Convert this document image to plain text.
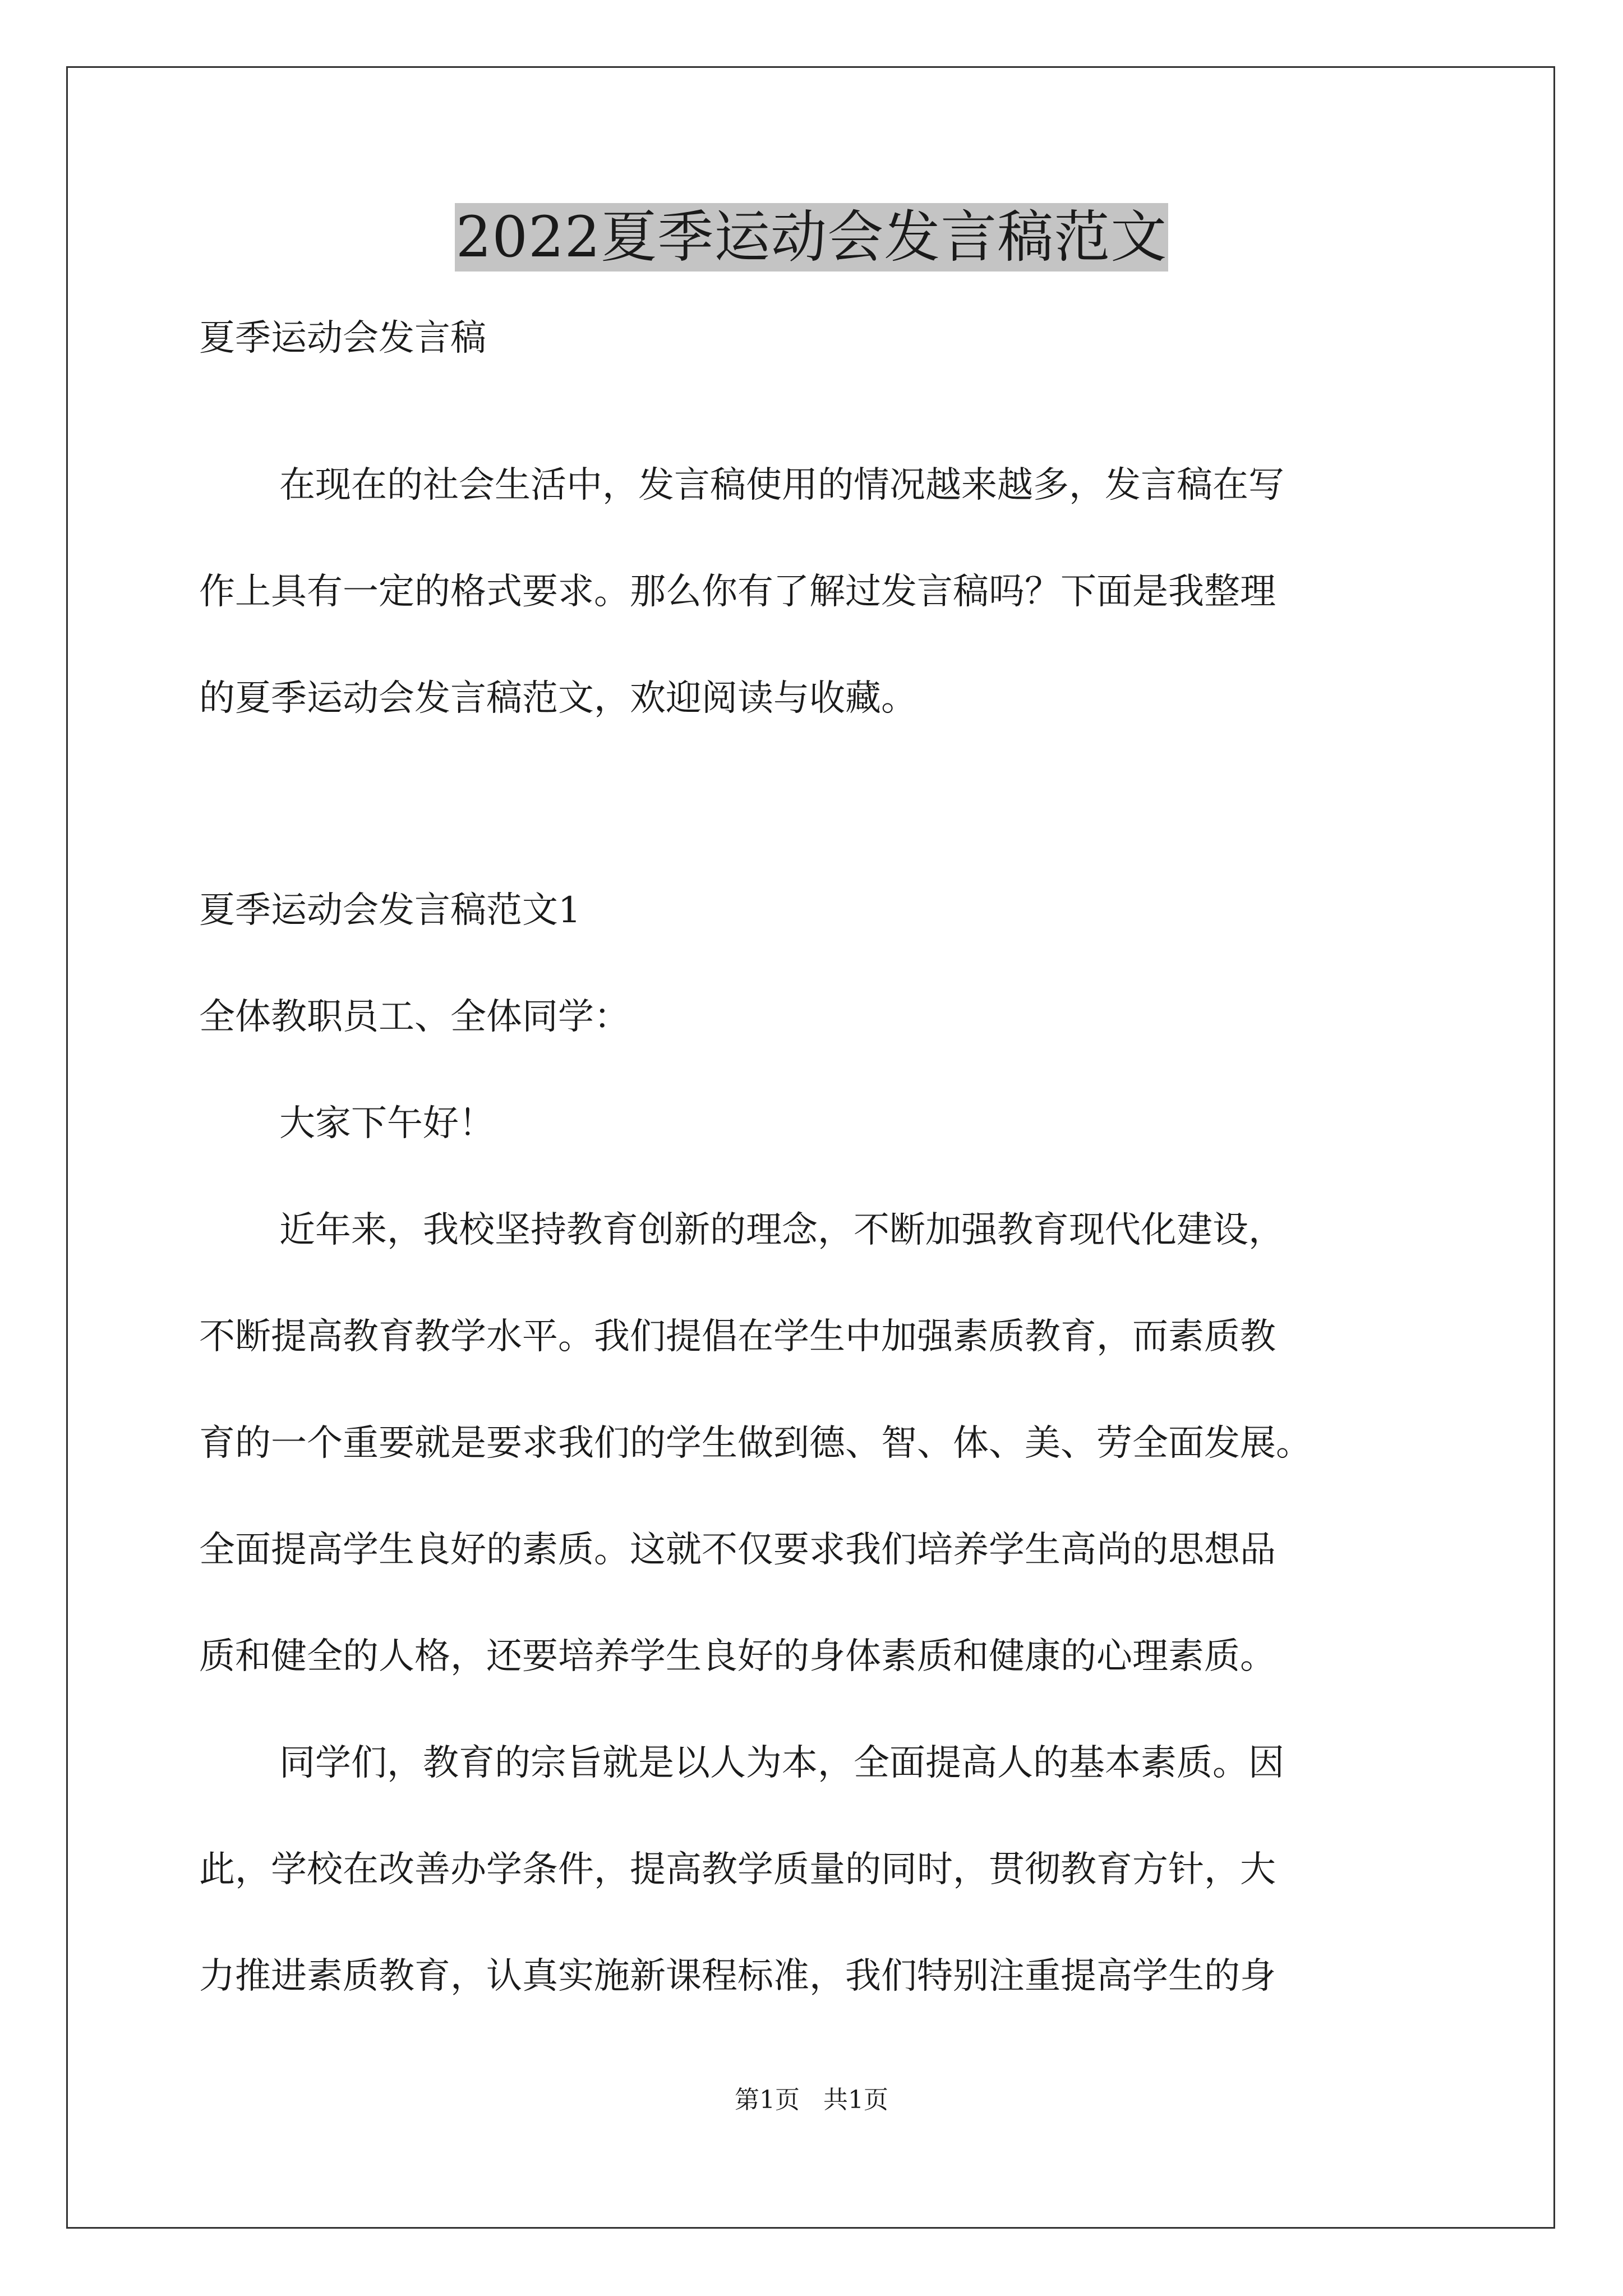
2022夏季运动会发言稿范文
夏季运动会发言稿
在现在的社会生活中，发言稿使用的情况越来越多，发言稿在写
作上具有一定的格式要求。那么你有了解过发言稿吗？下面是我整理
的夏季运动会发言稿范文，欢迎阅读与收藏。
夏季运动会发言稿范文1
全体教职员工、全体同学：
大家下午好！
近年来，我校坚持教育创新的理念，不断加强教育现代化建设，
不断提高教育教学水平。我们提倡在学生中加强素质教育，而素质教
育的一个重要就是要求我们的学生做到德、智、体、美、劳全面发展。
全面提高学生良好的素质。这就不仅要求我们培养学生高尚的思想品
质和健全的人格，还要培养学生良好的身体素质和健康的心理素质。
同学们，教育的宗旨就是以人为本，全面提高人的基本素质。因
此，学校在改善办学条件，提高教学质量的同时，贯彻教育方针，大
力推进素质教育，认真实施新课程标准，我们特别注重提高学生的身
第1页 共1页
